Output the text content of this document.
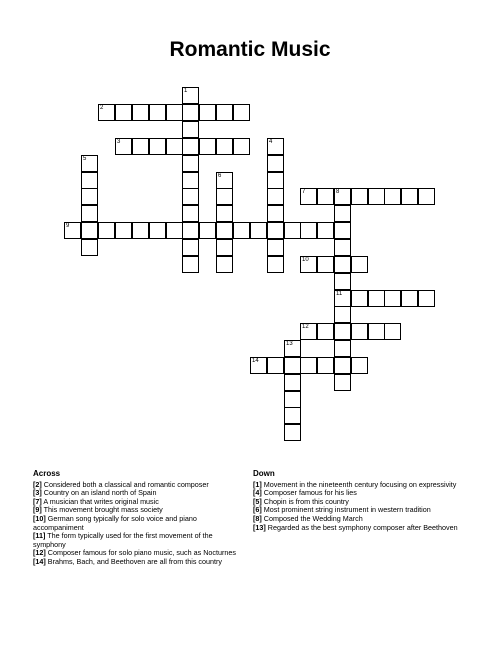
Romantic Music
2
3
7	8
9
10
11
12
14
1
4
5
6
13
Across
[2] Considered both a classical and romantic composer
[3] Country on an island north of Spain
[7] A musician that writes original music
[9] This movement brought mass society
[10] German song typically for solo voice and piano accompaniment
[11] The form typically used for the first movement of the symphony
[12] Composer famous for solo piano music, such as Nocturnes
[14] Brahms, Bach, and Beethoven are all from this country
Down
[1] Movement in the nineteenth century focusing on expressivity
[4] Composer famous for his lies
[5] Chopin is from this country
[6] Most prominent string instrument in western tradition
[8] Composed the Wedding March
[13] Regarded as the best symphony composer after Beethoven
